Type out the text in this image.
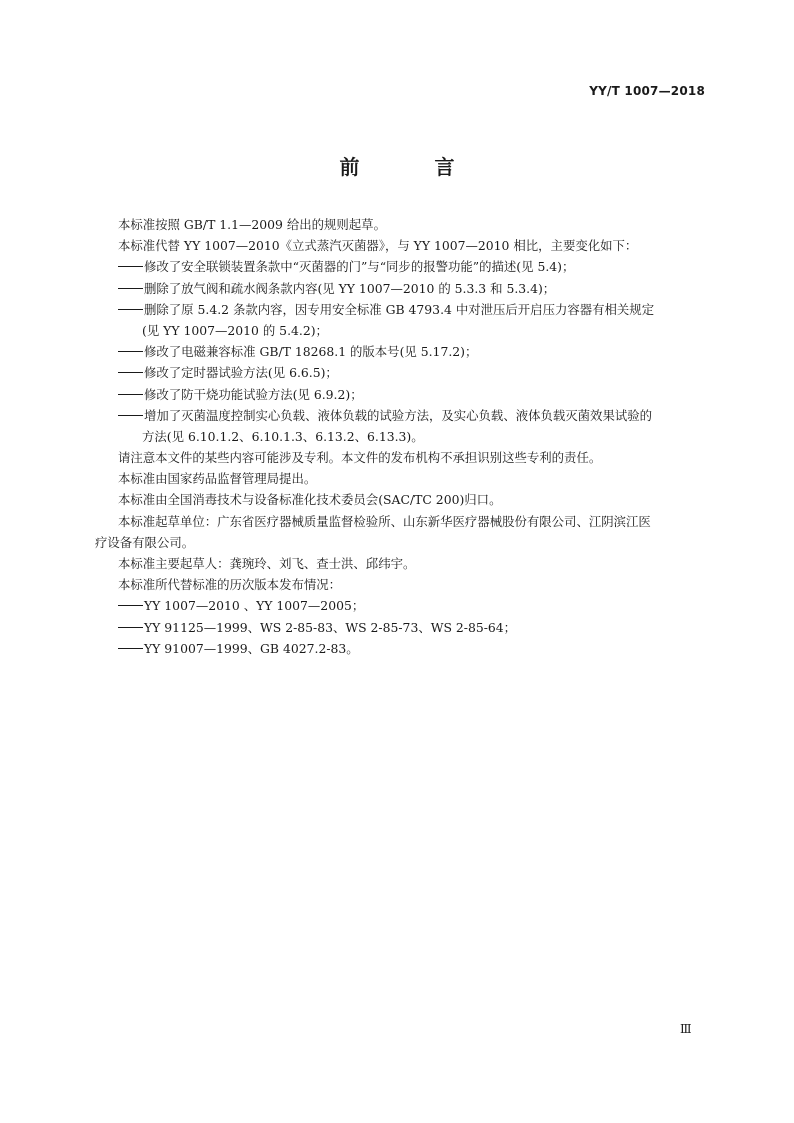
YY/T 1007—2018
前 言
本标准按照 GB/T 1.1—2009 给出的规则起草。
本标准代替 YY 1007—2010《立式蒸汽灭菌器》，与 YY 1007—2010 相比，主要变化如下：
修改了安全联锁装置条款中“灭菌器的门”与“同步的报警功能”的描述(见 5.4)；
删除了放气阀和疏水阀条款内容(见 YY 1007—2010 的 5.3.3 和 5.3.4)；
删除了原 5.4.2 条款内容，因专用安全标准 GB 4793.4 中对泄压后开启压力容器有相关规定
(见 YY 1007—2010 的 5.4.2)；
修改了电磁兼容标准 GB/T 18268.1 的版本号(见 5.17.2)；
修改了定时器试验方法(见 6.6.5)；
修改了防干烧功能试验方法(见 6.9.2)；
增加了灭菌温度控制实心负载、液体负载的试验方法，及实心负载、液体负载灭菌效果试验的
方法(见 6.10.1.2、6.10.1.3、6.13.2、6.13.3)。
请注意本文件的某些内容可能涉及专利。本文件的发布机构不承担识别这些专利的责任。
本标准由国家药品监督管理局提出。
本标准由全国消毒技术与设备标准化技术委员会(SAC/TC 200)归口。
本标准起草单位：广东省医疗器械质量监督检验所、山东新华医疗器械股份有限公司、江阴滨江医
疗设备有限公司。
本标准主要起草人：龚琬玲、刘飞、查士洪、邱纬宇。
本标准所代替标准的历次版本发布情况：
YY 1007—2010 、YY 1007—2005；
YY 91125—1999、WS 2-85-83、WS 2-85-73、WS 2-85-64；
YY 91007—1999、GB 4027.2-83。
Ⅲ
